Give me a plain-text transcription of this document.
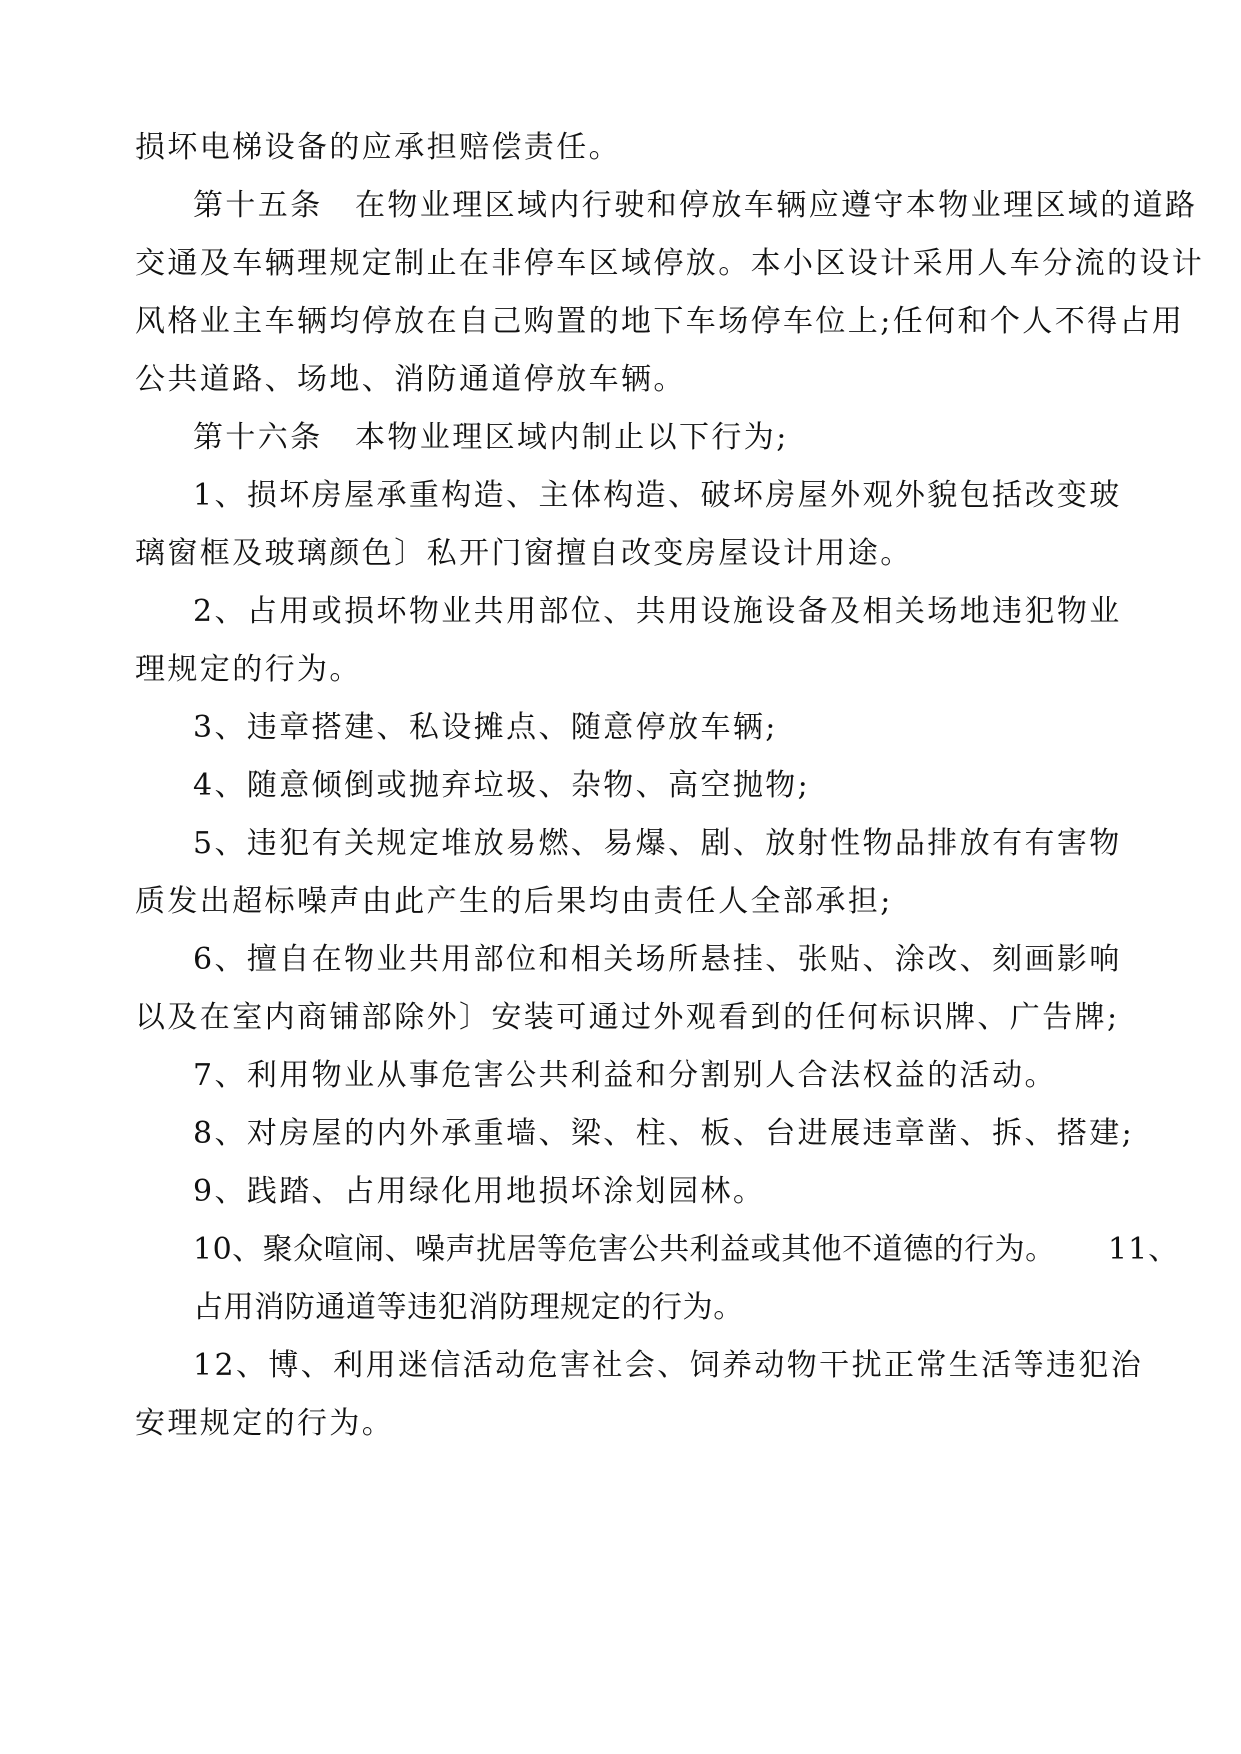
损坏电梯设备的应承担赔偿责任。
第十五条　在物业理区域内行驶和停放车辆应遵守本物业理区域的道路
交通及车辆理规定制止在非停车区域停放。本小区设计采用人车分流的设计
风格业主车辆均停放在自己购置的地下车场停车位上;任何和个人不得占用
公共道路、场地、消防通道停放车辆。
第十六条　本物业理区域内制止以下行为;
1、损坏房屋承重构造、主体构造、破坏房屋外观外貌包括改变玻
璃窗框及玻璃颜色〕私开门窗擅自改变房屋设计用途。
2、占用或损坏物业共用部位、共用设施设备及相关场地违犯物业
理规定的行为。
3、违章搭建、私设摊点、随意停放车辆;
4、随意倾倒或抛弃垃圾、杂物、高空抛物;
5、违犯有关规定堆放易燃、易爆、剧、放射性物品排放有有害物
质发出超标噪声由此产生的后果均由责任人全部承担;
6、擅自在物业共用部位和相关场所悬挂、张贴、涂改、刻画影响
以及在室内商铺部除外〕安装可通过外观看到的任何标识牌、广告牌;
7、利用物业从事危害公共利益和分割别人合法权益的活动。
8、对房屋的内外承重墙、梁、柱、板、台进展违章凿、拆、搭建;
9、践踏、占用绿化用地损坏涂划园林。
10、聚众喧闹、噪声扰居等危害公共利益或其他不道德的行为。 11、
占用消防通道等违犯消防理规定的行为。
12、博、利用迷信活动危害社会、饲养动物干扰正常生活等违犯治
安理规定的行为。
